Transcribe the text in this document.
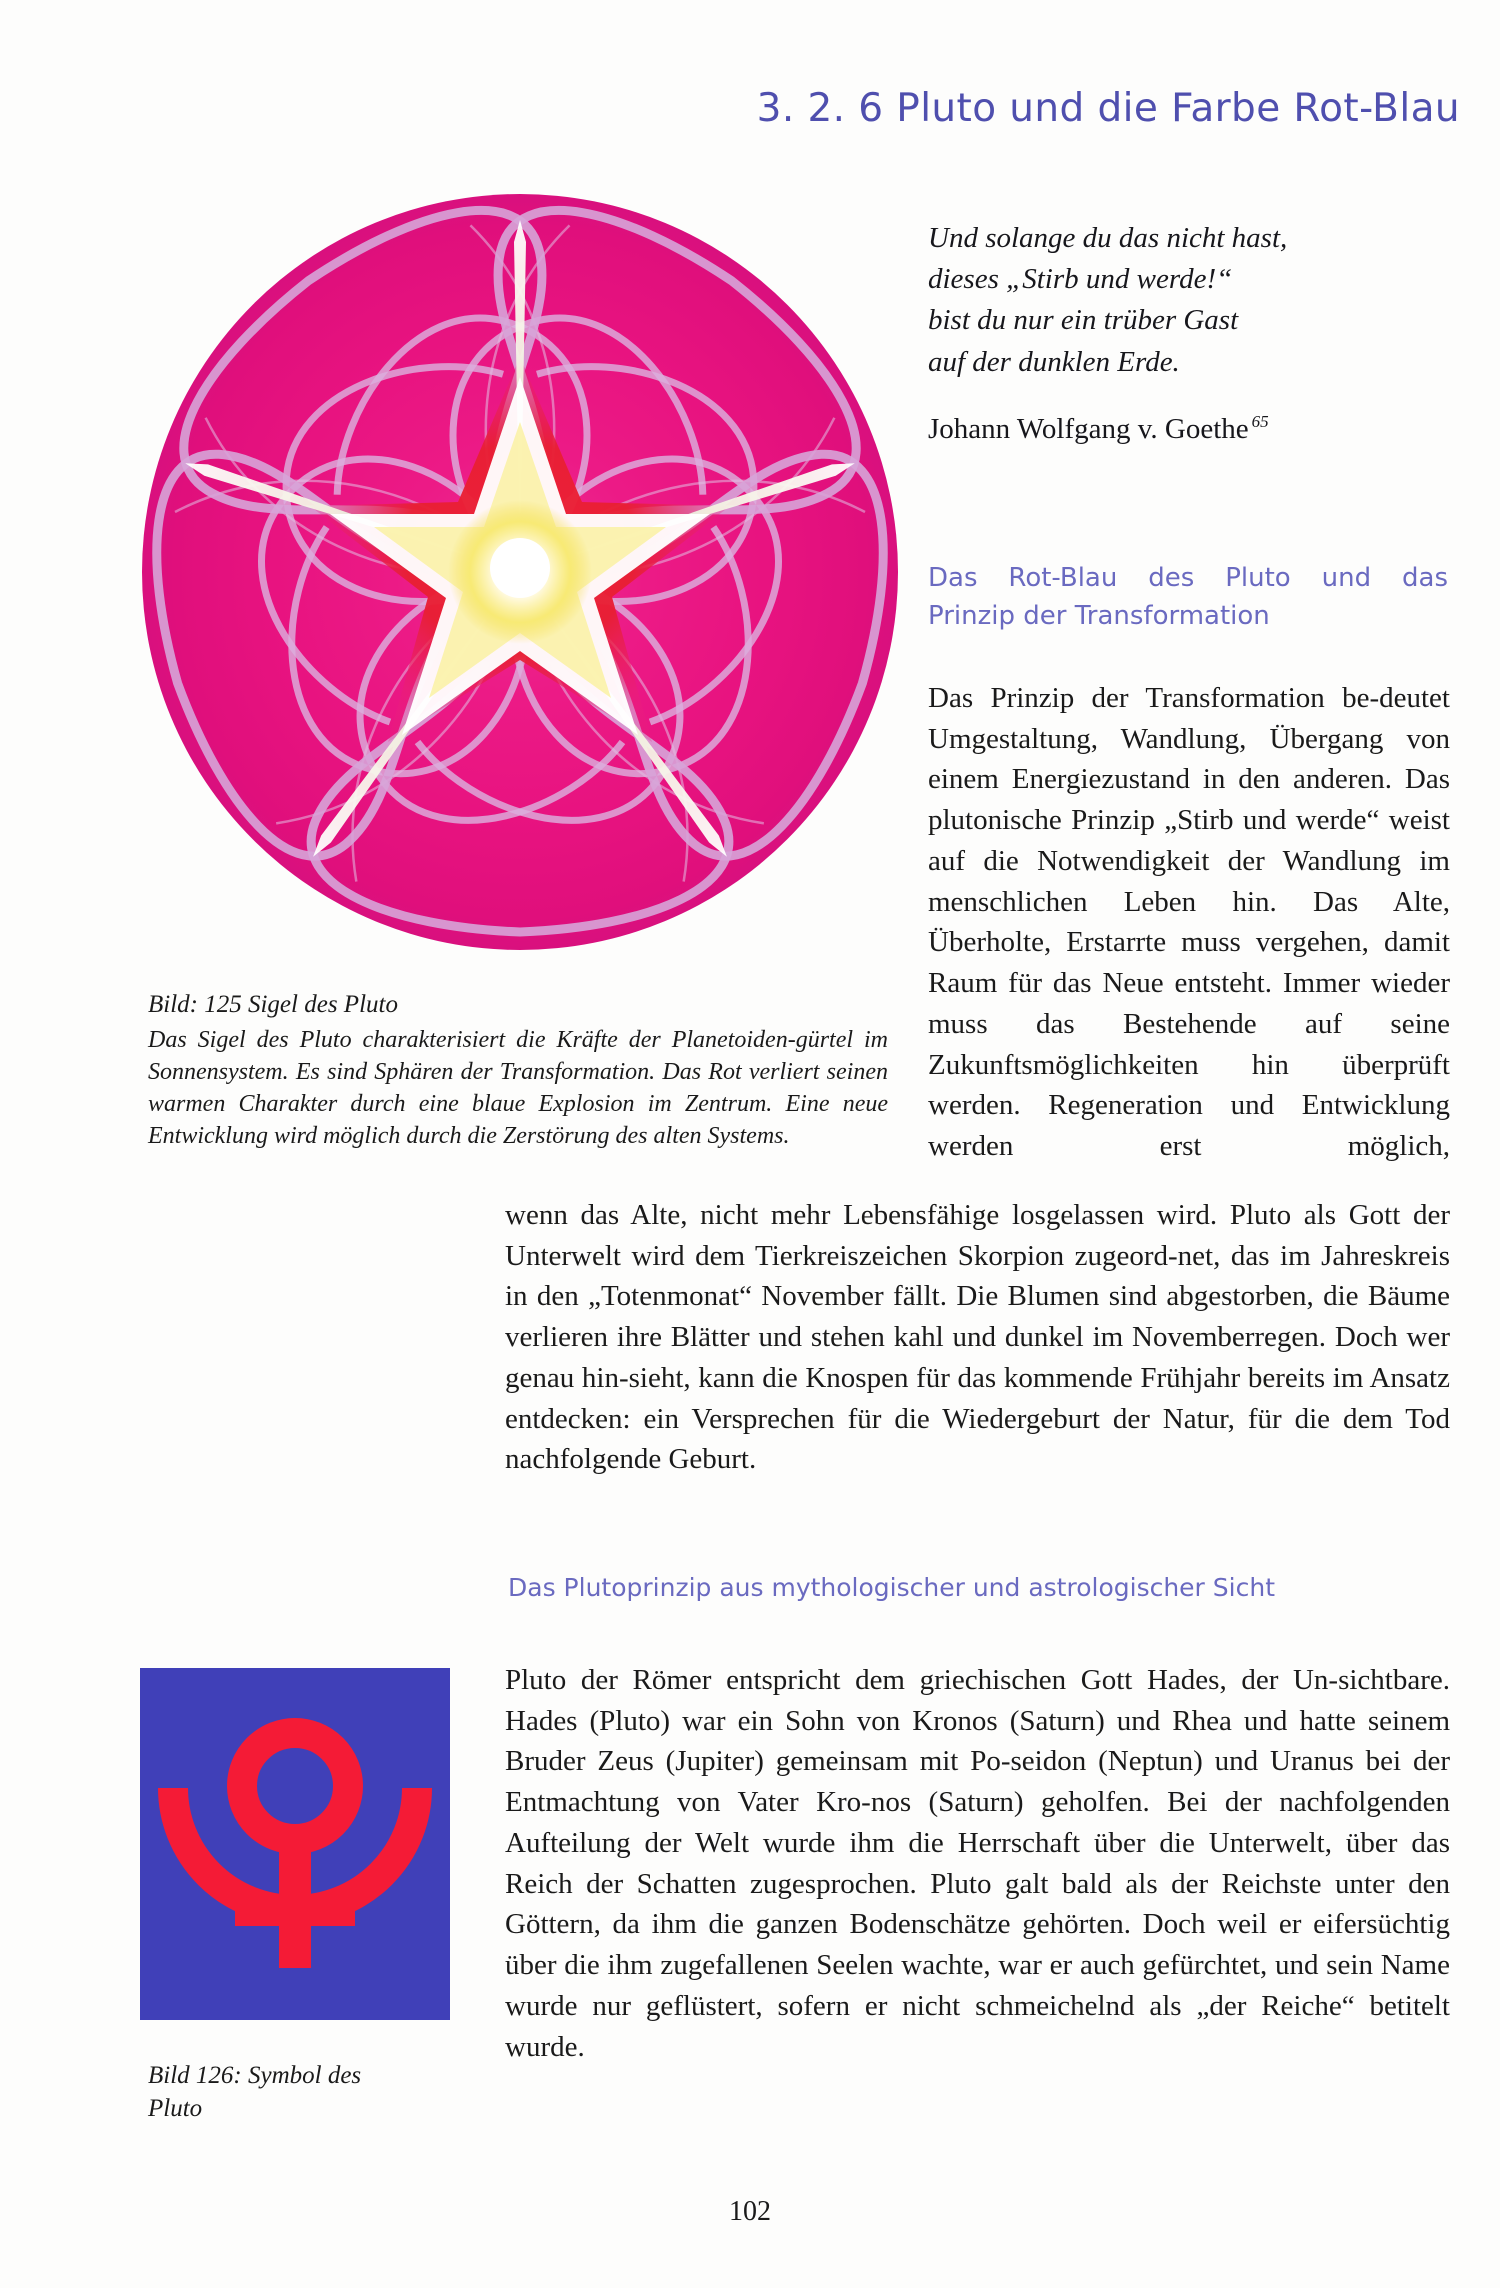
3. 2. 6 Pluto und die Farbe Rot-Blau
Und solange du das nicht hast,
dieses „Stirb und werde!“
bist du nur ein trüber Gast
auf der dunklen Erde.
Johann Wolfgang v. Goethe $^{65}$
Das Rot-Blau des Pluto und das
Prinzip der Transformation
Das Prinzip der Transformation be-deutet Umgestaltung, Wandlung, Übergang von einem Energiezustand in den anderen. Das plutonische Prinzip „Stirb und werde“ weist auf die Notwendigkeit der Wandlung im menschlichen Leben hin. Das Alte, Überholte, Erstarrte muss vergehen, damit Raum für das Neue entsteht. Immer wieder muss das Bestehende auf seine Zukunftsmöglichkeiten hin überprüft werden. Regeneration und Entwicklung werden erst möglich,
Bild: 125 Sigel des Pluto
Das Sigel des Pluto charakterisiert die Kräfte der Planetoiden-gürtel im Sonnensystem. Es sind Sphären der Transformation. Das Rot verliert seinen warmen Charakter durch eine blaue Explosion im Zentrum. Eine neue Entwicklung wird möglich durch die Zerstörung des alten Systems.
wenn das Alte, nicht mehr Lebensfähige losgelassen wird. Pluto als Gott der Unterwelt wird dem Tierkreiszeichen Skorpion zugeord-net, das im Jahreskreis in den „Totenmonat“ November fällt. Die Blumen sind abgestorben, die Bäume verlieren ihre Blätter und stehen kahl und dunkel im Novemberregen. Doch wer genau hin-sieht, kann die Knospen für das kommende Frühjahr bereits im Ansatz entdecken: ein Versprechen für die Wiedergeburt der Natur, für die dem Tod nachfolgende Geburt.
Das Plutoprinzip aus mythologischer und astrologischer Sicht
Bild 126: Symbol des
Pluto
Pluto der Römer entspricht dem griechischen Gott Hades, der Un-sichtbare. Hades (Pluto) war ein Sohn von Kronos (Saturn) und Rhea und hatte seinem Bruder Zeus (Jupiter) gemeinsam mit Po-seidon (Neptun) und Uranus bei der Entmachtung von Vater Kro-nos (Saturn) geholfen. Bei der nachfolgenden Aufteilung der Welt wurde ihm die Herrschaft über die Unterwelt, über das Reich der Schatten zugesprochen. Pluto galt bald als der Reichste unter den Göttern, da ihm die ganzen Bodenschätze gehörten. Doch weil er eifersüchtig über die ihm zugefallenen Seelen wachte, war er auch gefürchtet, und sein Name wurde nur geflüstert, sofern er nicht schmeichelnd als „der Reiche“ betitelt wurde.
102
